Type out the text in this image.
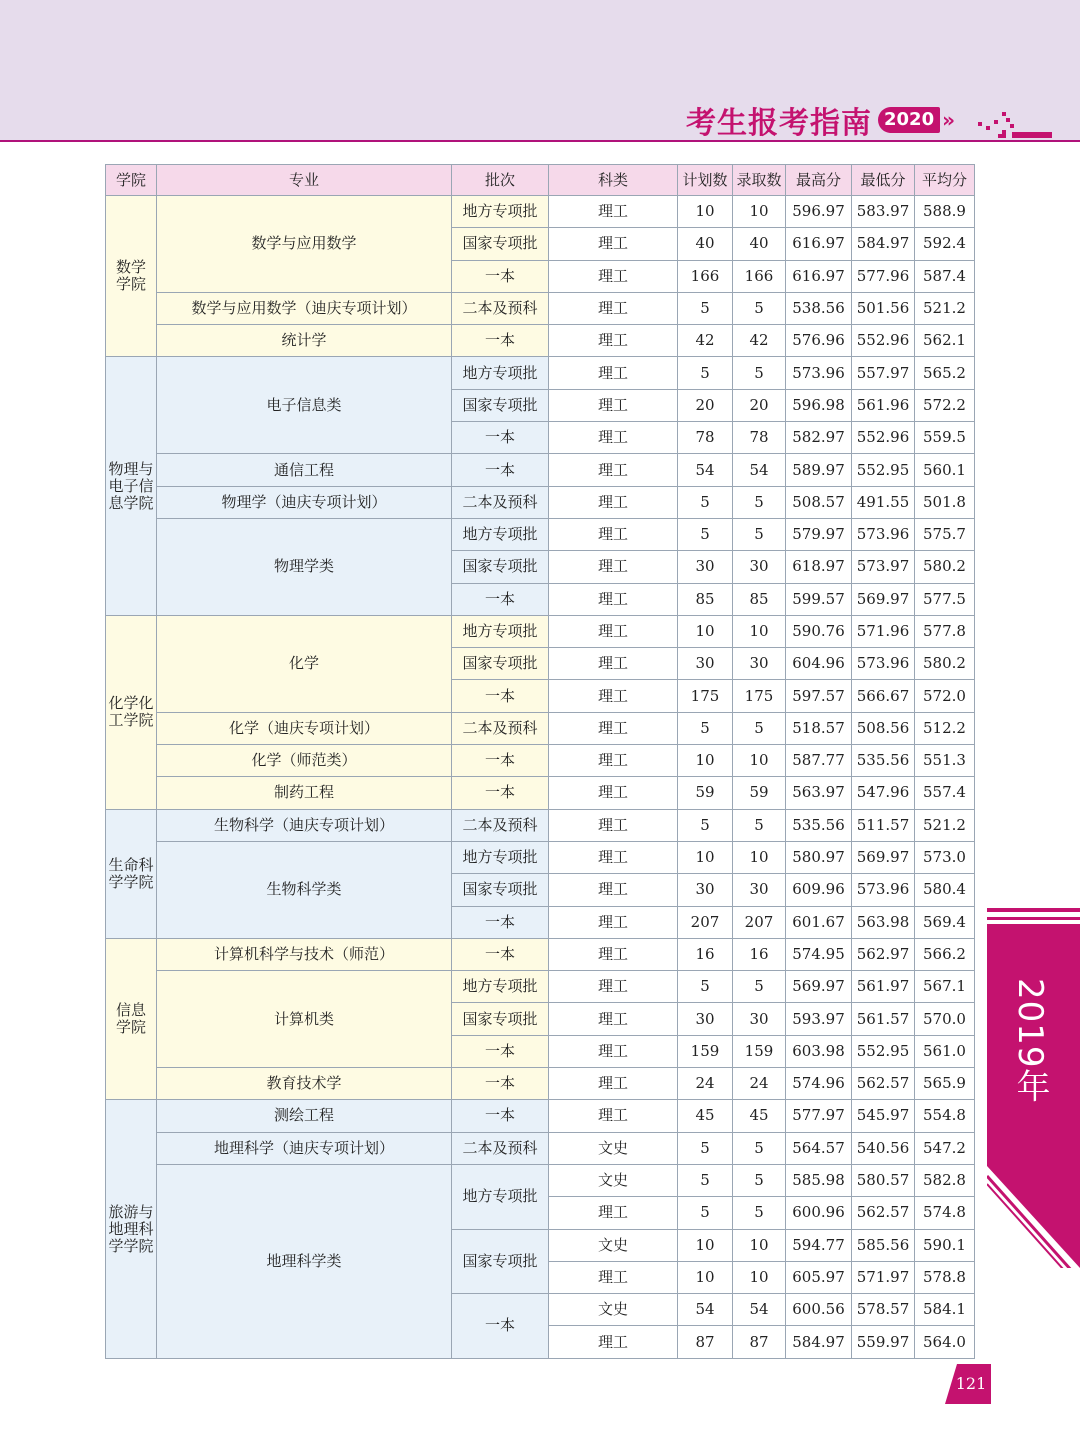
考生报考指南 2020 »
学院	专业	批次	科类	计划数	录取数	最高分	最低分	平均分
数学
学院	数学与应用数学	地方专项批	理工	10	10	596.97	583.97	588.9
		国家专项批	理工	40	40	616.97	584.97	592.4
		一本	理工	166	166	616.97	577.96	587.4
	数学与应用数学（迪庆专项计划）	二本及预科	理工	5	5	538.56	501.56	521.2
	统计学	一本	理工	42	42	576.96	552.96	562.1
物理与
电子信
息学院	电子信息类	地方专项批	理工	5	5	573.96	557.97	565.2
		国家专项批	理工	20	20	596.98	561.96	572.2
		一本	理工	78	78	582.97	552.96	559.5
	通信工程	一本	理工	54	54	589.97	552.95	560.1
	物理学（迪庆专项计划）	二本及预科	理工	5	5	508.57	491.55	501.8
	物理学类	地方专项批	理工	5	5	579.97	573.96	575.7
		国家专项批	理工	30	30	618.97	573.97	580.2
		一本	理工	85	85	599.57	569.97	577.5
化学化
工学院	化学	地方专项批	理工	10	10	590.76	571.96	577.8
		国家专项批	理工	30	30	604.96	573.96	580.2
		一本	理工	175	175	597.57	566.67	572.0
	化学（迪庆专项计划）	二本及预科	理工	5	5	518.57	508.56	512.2
	化学（师范类）	一本	理工	10	10	587.77	535.56	551.3
	制药工程	一本	理工	59	59	563.97	547.96	557.4
生命科
学学院	生物科学（迪庆专项计划）	二本及预科	理工	5	5	535.56	511.57	521.2
	生物科学类	地方专项批	理工	10	10	580.97	569.97	573.0
		国家专项批	理工	30	30	609.96	573.96	580.4
		一本	理工	207	207	601.67	563.98	569.4
信息
学院	计算机科学与技术（师范）	一本	理工	16	16	574.95	562.97	566.2
	计算机类	地方专项批	理工	5	5	569.97	561.97	567.1
		国家专项批	理工	30	30	593.97	561.57	570.0
		一本	理工	159	159	603.98	552.95	561.0
	教育技术学	一本	理工	24	24	574.96	562.57	565.9
旅游与
地理科
学学院	测绘工程	一本	理工	45	45	577.97	545.97	554.8
	地理科学（迪庆专项计划）	二本及预科	文史	5	5	564.57	540.56	547.2
	地理科学类	地方专项批	文史	5	5	585.98	580.57	582.8
			理工	5	5	600.96	562.57	574.8
		国家专项批	文史	10	10	594.77	585.56	590.1
			理工	10	10	605.97	571.97	578.8
		一本	文史	54	54	600.56	578.57	584.1
			理工	87	87	584.97	559.97	564.0
2019年
121
